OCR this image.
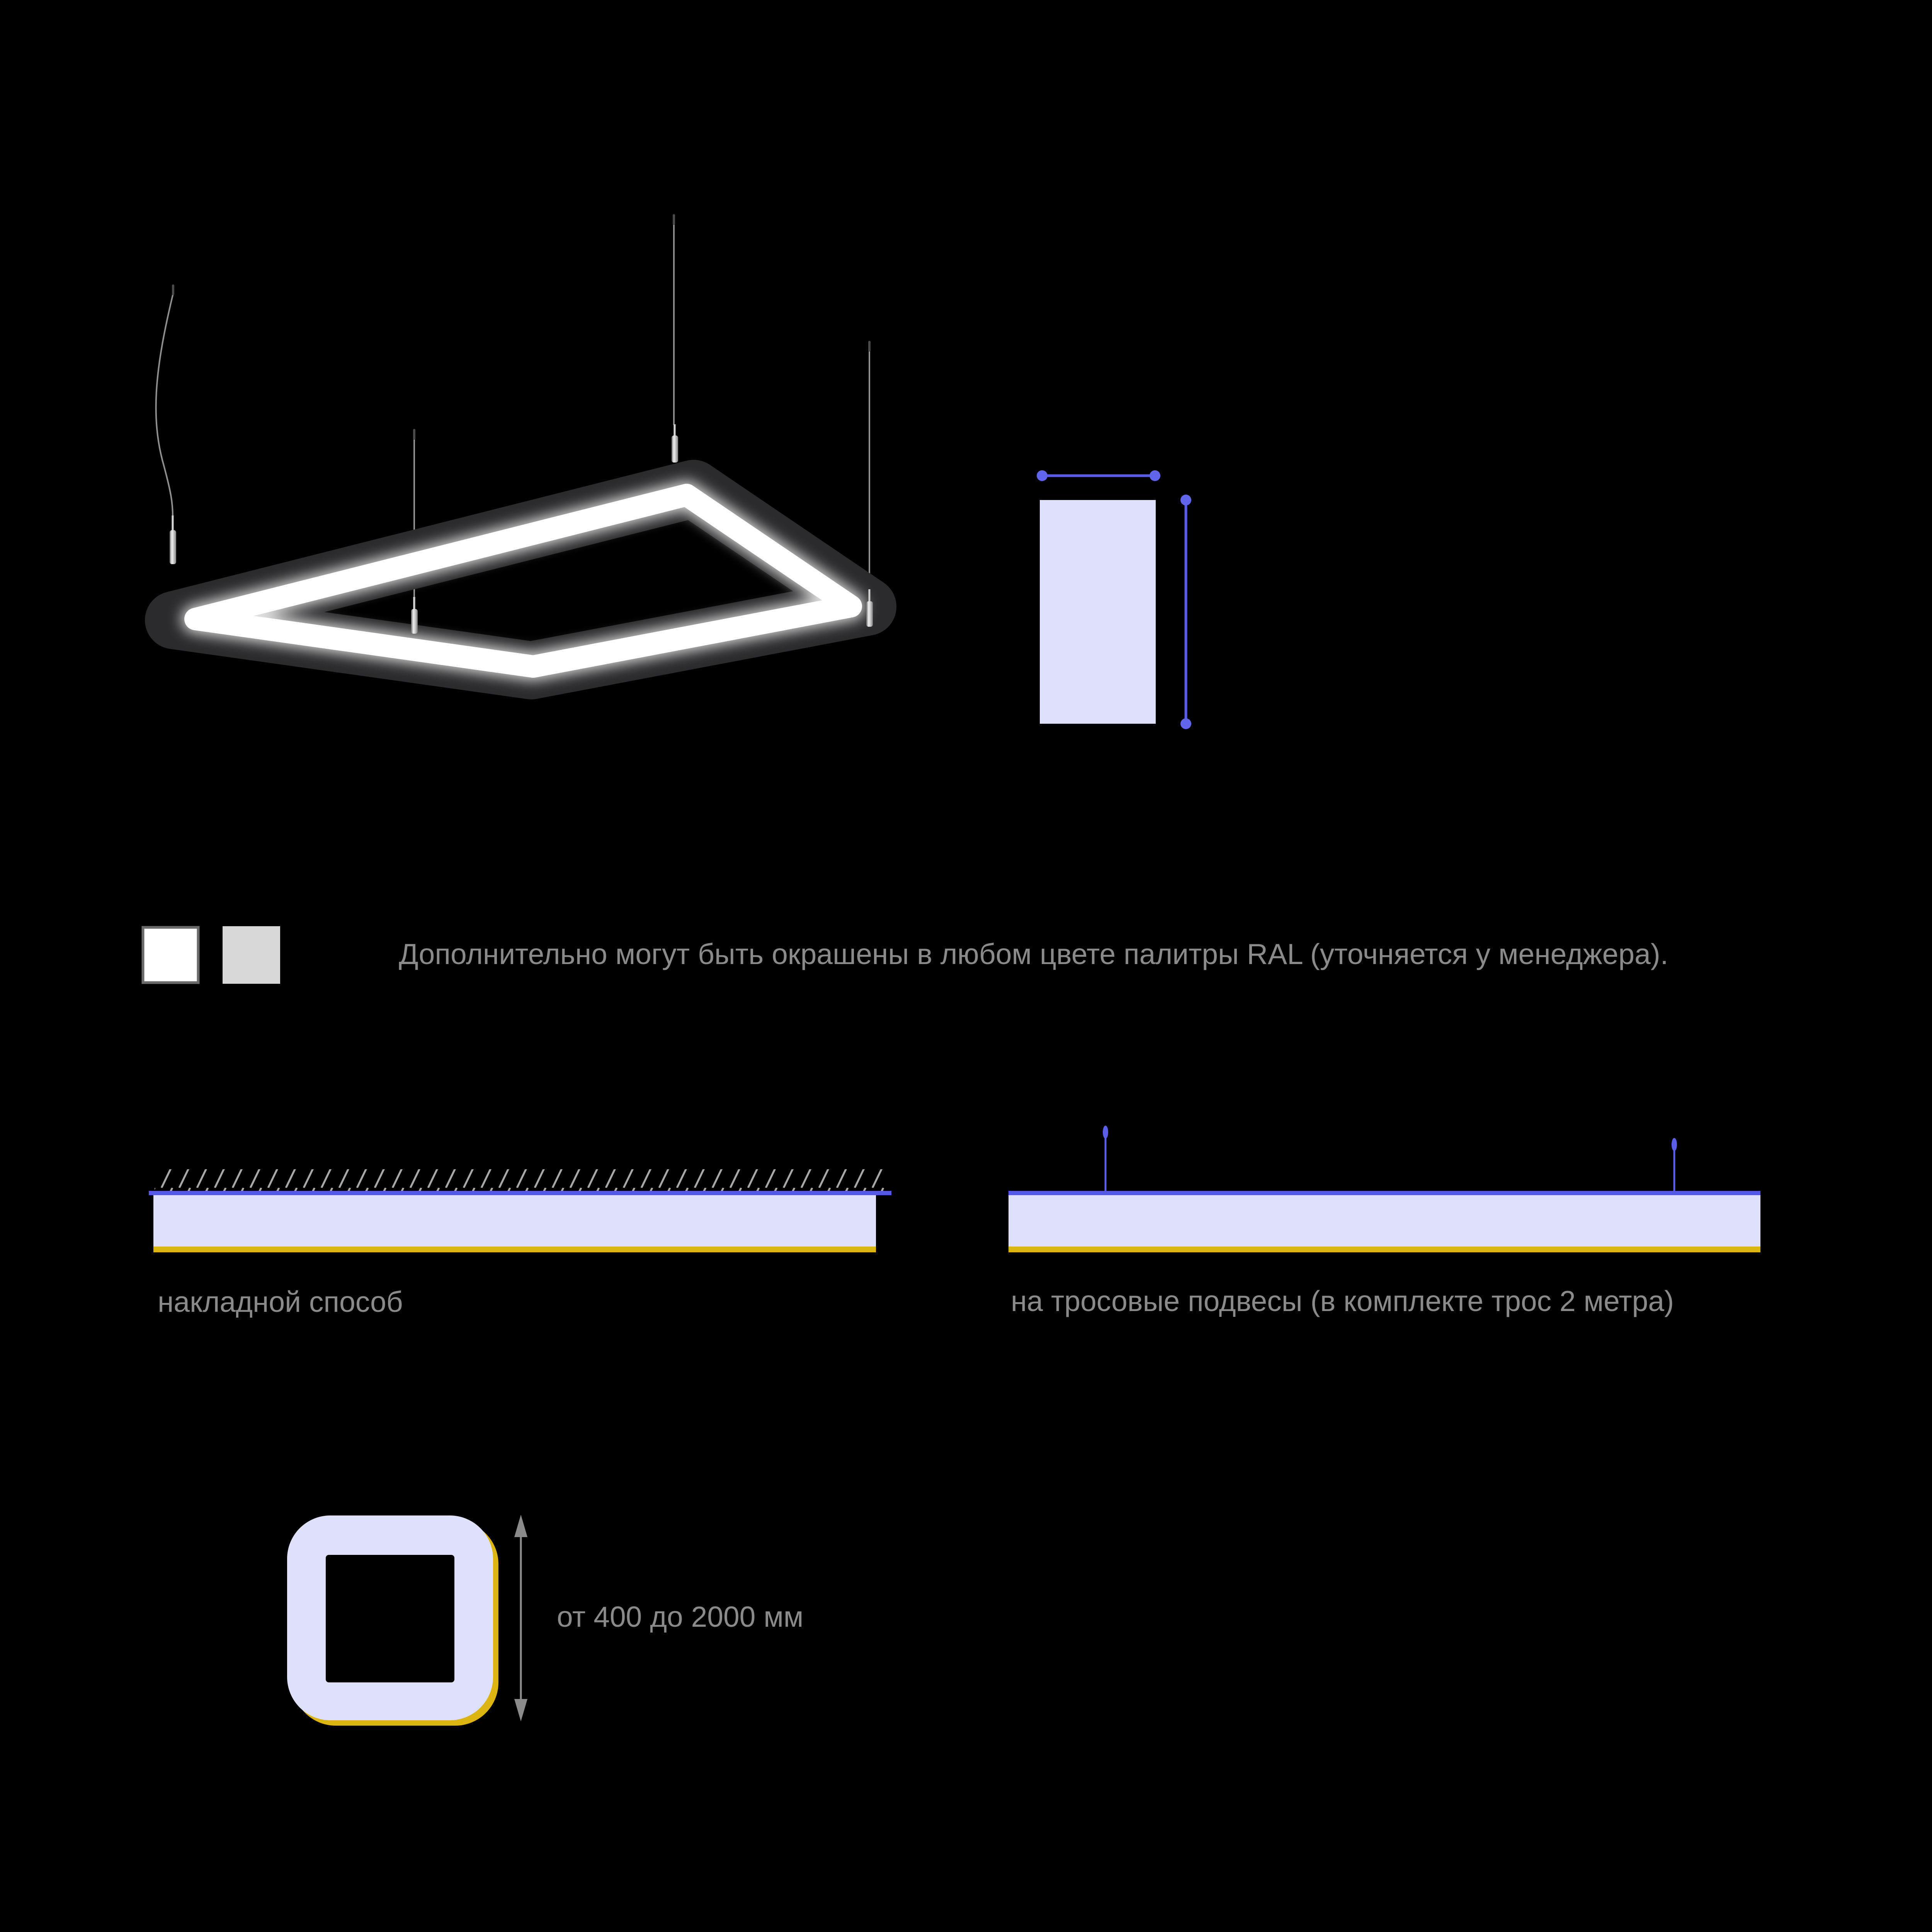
Дополнительно могут быть окрашены в любом цвете палитры RAL (уточняется у менеджера).
накладной способ	на тросовые подвесы (в комплекте трос 2 метра)
от 400 до 2000 мм
